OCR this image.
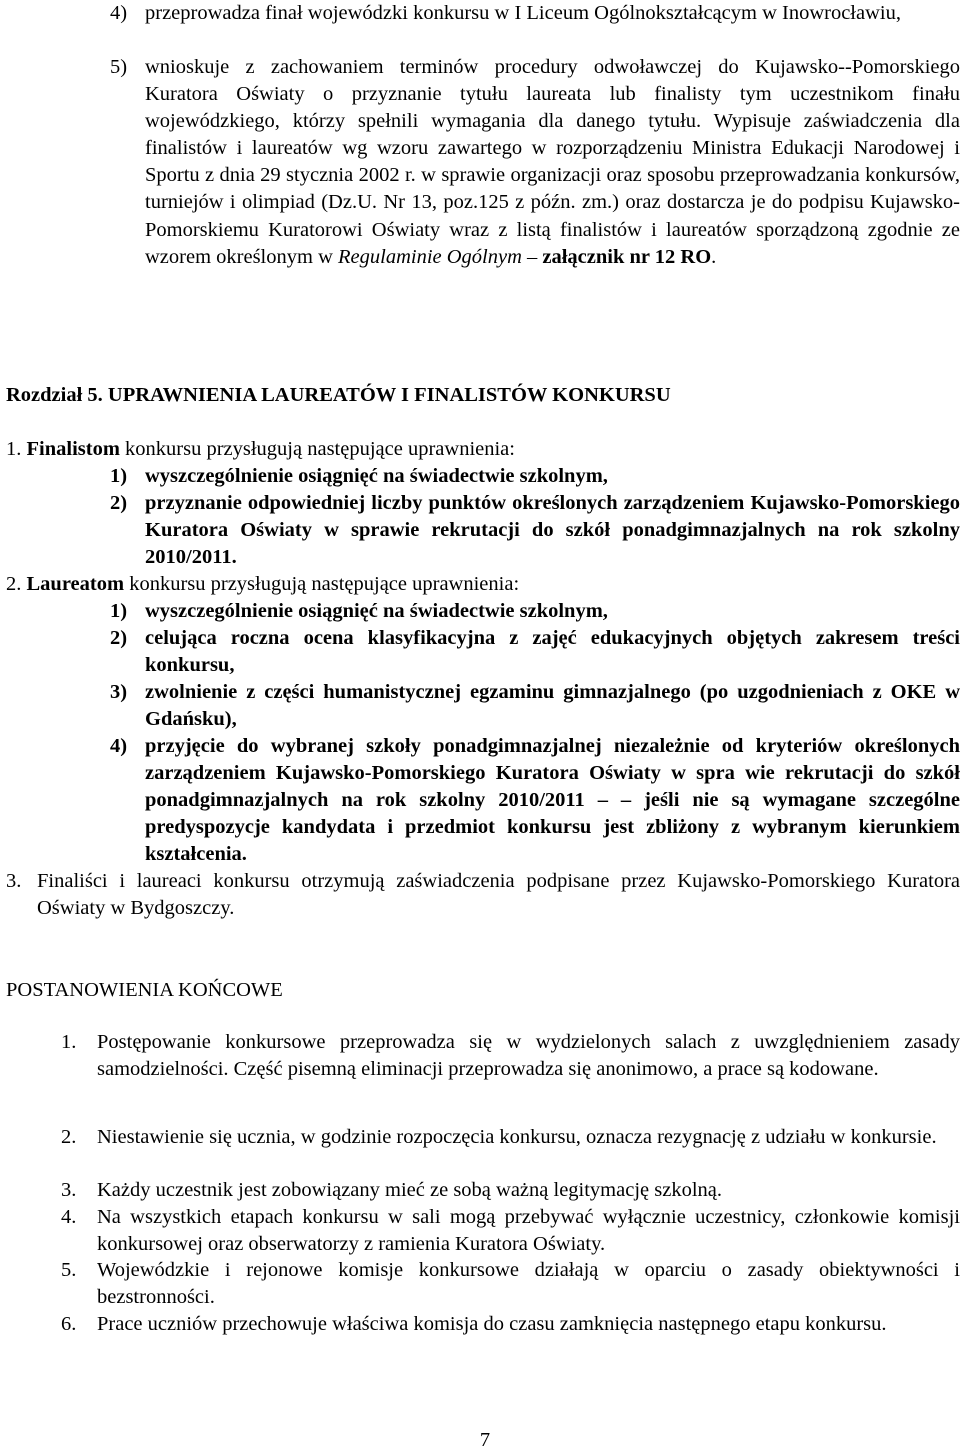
4) przeprowadza finał wojewódzki konkursu w I Liceum Ogólnokształcącym w Inowrocławiu,
5) wnioskuje z zachowaniem terminów procedury odwoławczej do Kujawsko--Pomorskiego Kuratora Oświaty o przyznanie tytułu laureata lub finalisty tym uczestnikom finału wojewódzkiego, którzy spełnili wymagania dla danego tytułu. Wypisuje zaświadczenia dla finalistów i laureatów wg wzoru zawartego w rozporządzeniu Ministra Edukacji Narodowej i Sportu z dnia 29 stycznia 2002 r. w sprawie organizacji oraz sposobu przeprowadzania konkursów, turniejów i olimpiad (Dz.U. Nr 13, poz.125 z późn. zm.) oraz dostarcza je do podpisu Kujawsko-Pomorskiemu Kuratorowi Oświaty wraz z listą finalistów i laureatów sporządzoną zgodnie ze wzorem określonym w Regulaminie Ogólnym – załącznik nr 12 RO.
Rozdział 5. UPRAWNIENIA LAUREATÓW I FINALISTÓW KONKURSU
1. Finalistom konkursu przysługują następujące uprawnienia:
1) wyszczególnienie osiągnięć na świadectwie szkolnym,
2) przyznanie odpowiedniej liczby punktów określonych zarządzeniem Kujawsko-Pomorskiego Kuratora Oświaty w sprawie rekrutacji do szkół ponadgimnazjalnych na rok szkolny 2010/2011.
2. Laureatom konkursu przysługują następujące uprawnienia:
1) wyszczególnienie osiągnięć na świadectwie szkolnym,
2) celująca roczna ocena klasyfikacyjna z zajęć edukacyjnych objętych zakresem treści konkursu,
3) zwolnienie z części humanistycznej egzaminu gimnazjalnego (po uzgodnieniach z OKE w Gdańsku),
4) przyjęcie do wybranej szkoły ponadgimnazjalnej niezależnie od kryteriów określonych zarządzeniem Kujawsko-Pomorskiego Kuratora Oświaty w spra wie rekrutacji do szkół ponadgimnazjalnych na rok szkolny 2010/2011 – – jeśli nie są wymagane szczególne predyspozycje kandydata i przedmiot konkursu jest zbliżony z wybranym kierunkiem kształcenia.
3. Finaliści i laureaci konkursu otrzymują zaświadczenia podpisane przez Kujawsko-Pomorskiego Kuratora Oświaty w Bydgoszczy.
POSTANOWIENIA KOŃCOWE
1. Postępowanie konkursowe przeprowadza się w wydzielonych salach z uwzględnieniem zasady samodzielności. Część pisemną eliminacji przeprowadza się anonimowo, a prace są kodowane.
2. Niestawienie się ucznia, w godzinie rozpoczęcia konkursu, oznacza rezygnację z udziału w konkursie.
3. Każdy uczestnik jest zobowiązany mieć ze sobą ważną legitymację szkolną.
4. Na wszystkich etapach konkursu w sali mogą przebywać wyłącznie uczestnicy, członkowie komisji konkursowej oraz obserwatorzy z ramienia Kuratora Oświaty.
5. Wojewódzkie i rejonowe komisje konkursowe działają w oparciu o zasady obiektywności i bezstronności.
6. Prace uczniów przechowuje właściwa komisja do czasu zamknięcia następnego etapu konkursu.
7
